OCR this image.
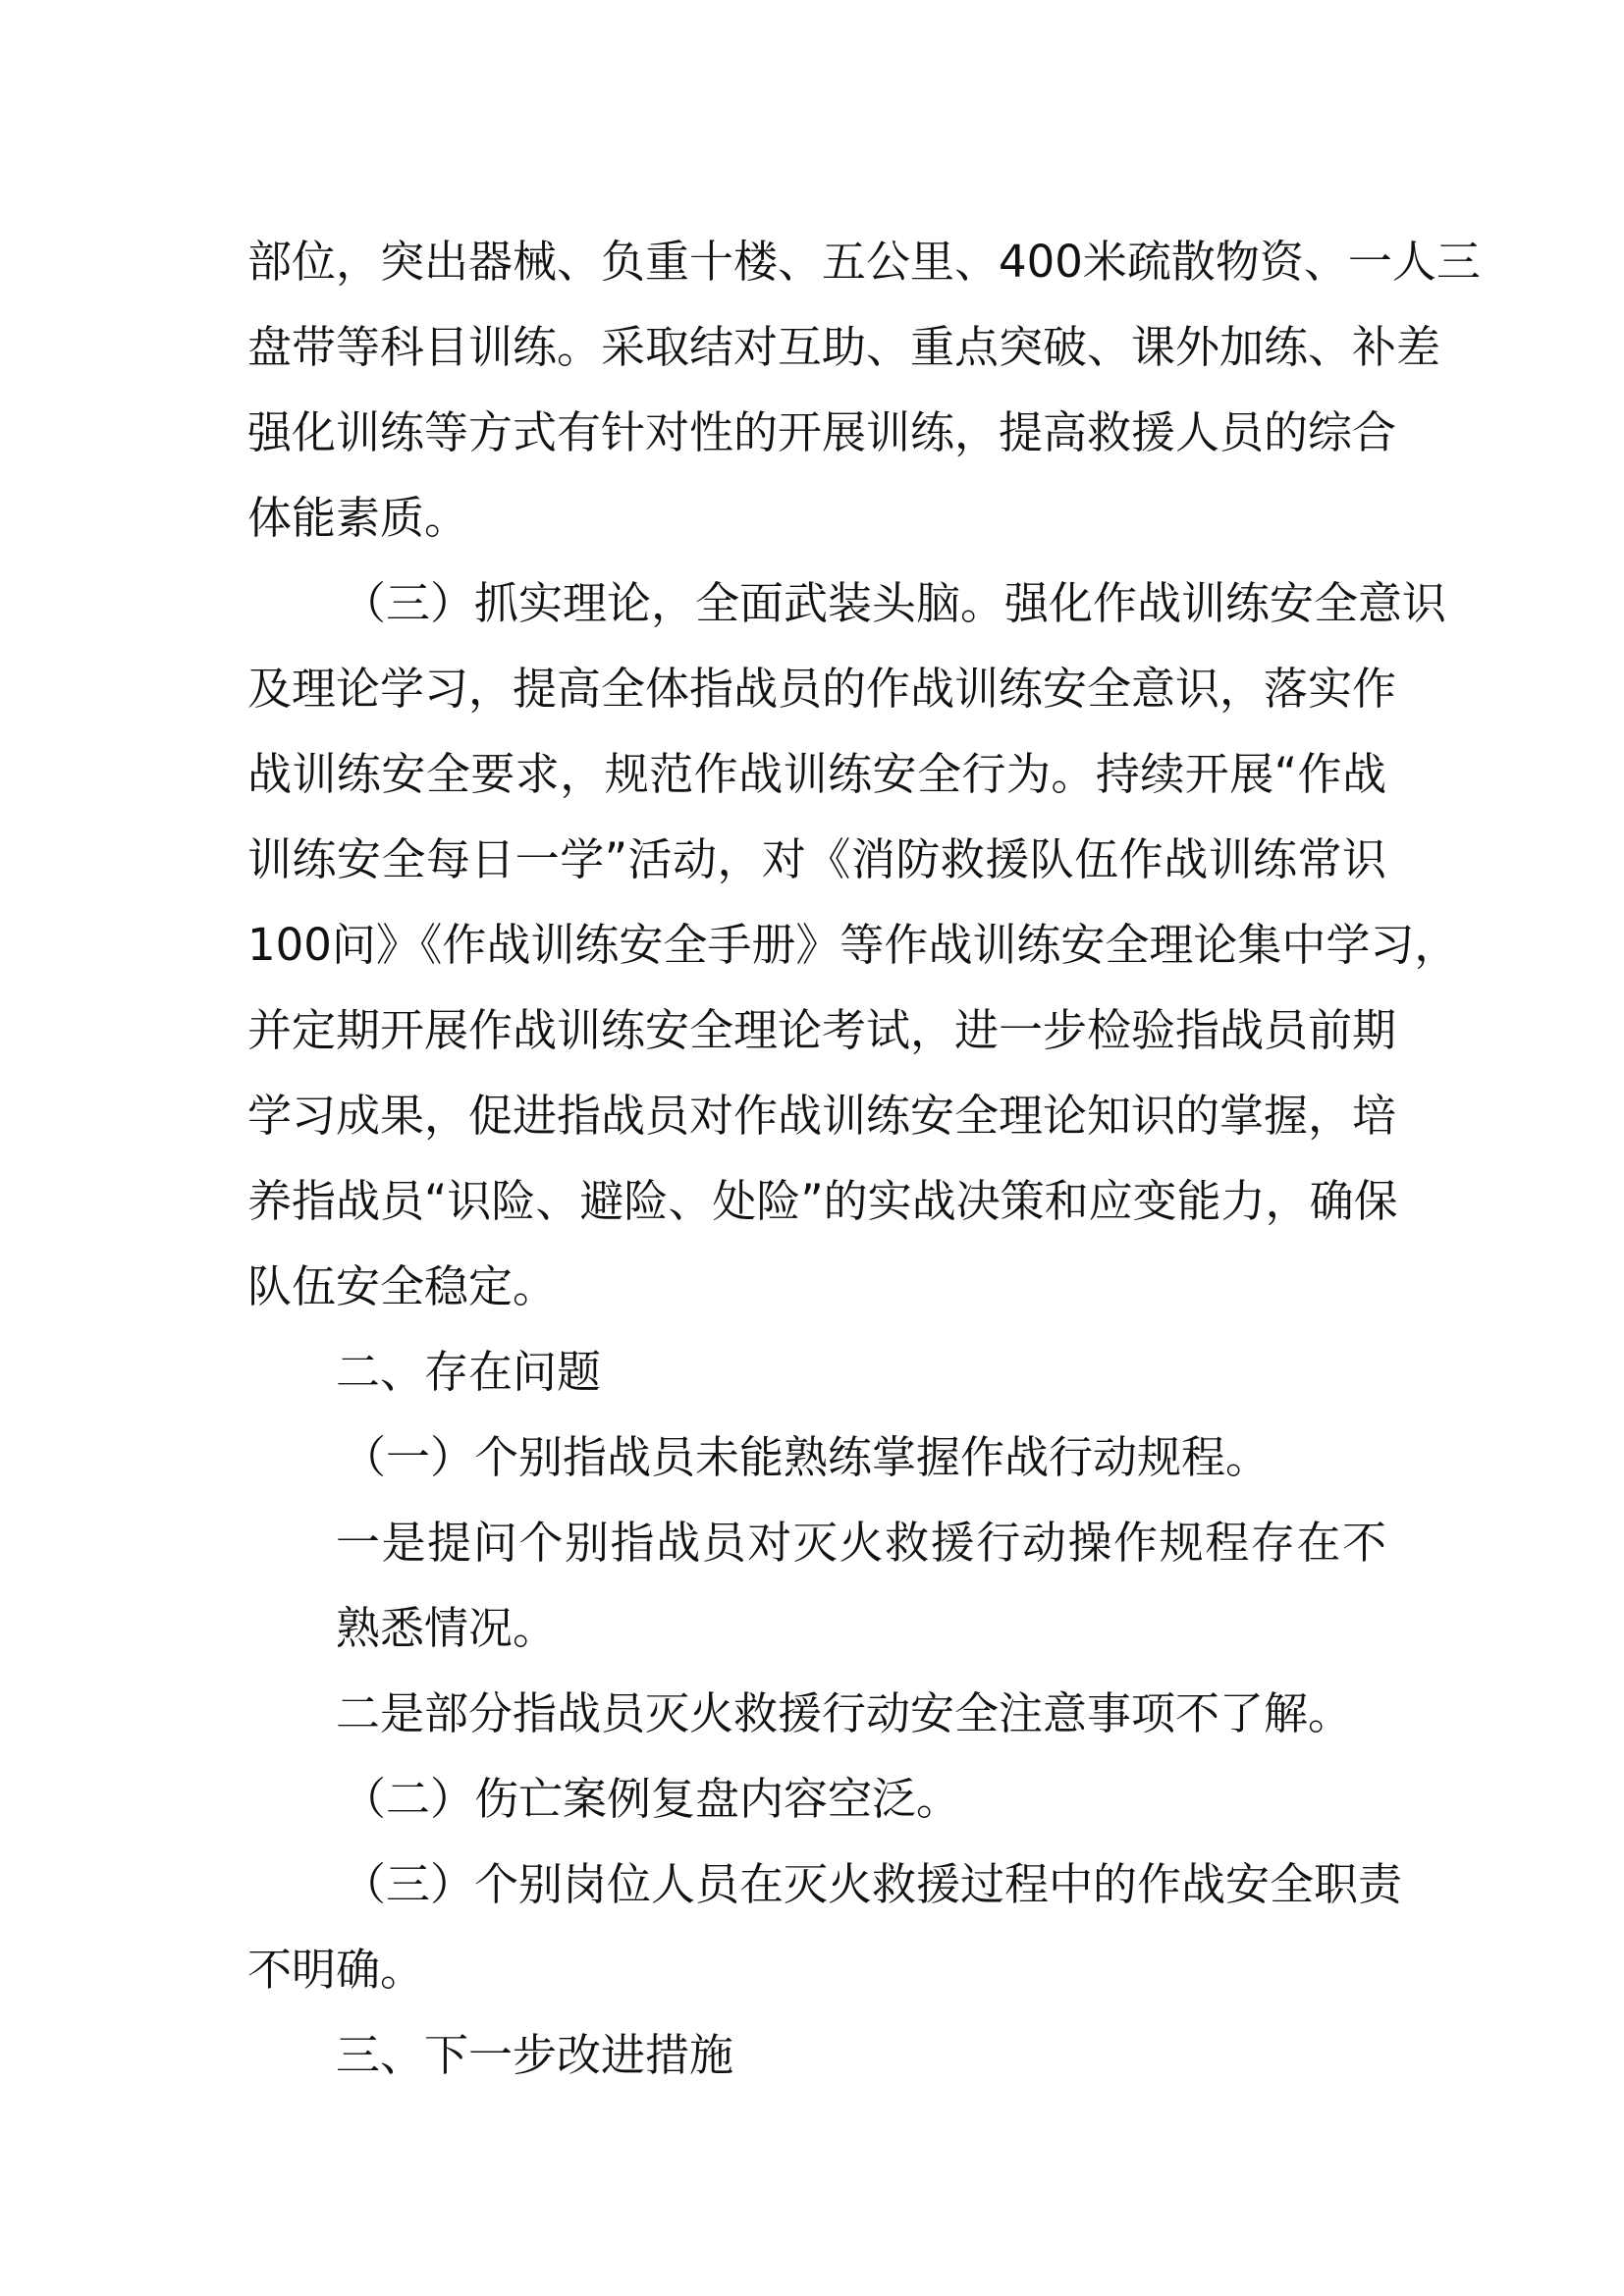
部位，突出器械、负重十楼、五公里、400米疏散物资、一人三
盘带等科目训练。采取结对互助、重点突破、课外加练、补差
强化训练等方式有针对性的开展训练，提高救援人员的综合
体能素质。
（三）抓实理论，全面武装头脑。强化作战训练安全意识
及理论学习，提高全体指战员的作战训练安全意识，落实作
战训练安全要求，规范作战训练安全行为。持续开展“作战
训练安全每日一学”活动，对《消防救援队伍作战训练常识
100问》《作战训练安全手册》等作战训练安全理论集中学习，
并定期开展作战训练安全理论考试，进一步检验指战员前期
学习成果，促进指战员对作战训练安全理论知识的掌握，培
养指战员“识险、避险、处险”的实战决策和应变能力，确保
队伍安全稳定。
二、存在问题
（一）个别指战员未能熟练掌握作战行动规程。
一是提问个别指战员对灭火救援行动操作规程存在不
熟悉情况。
二是部分指战员灭火救援行动安全注意事项不了解。
（二）伤亡案例复盘内容空泛。
（三）个别岗位人员在灭火救援过程中的作战安全职责
不明确。
三、下一步改进措施
